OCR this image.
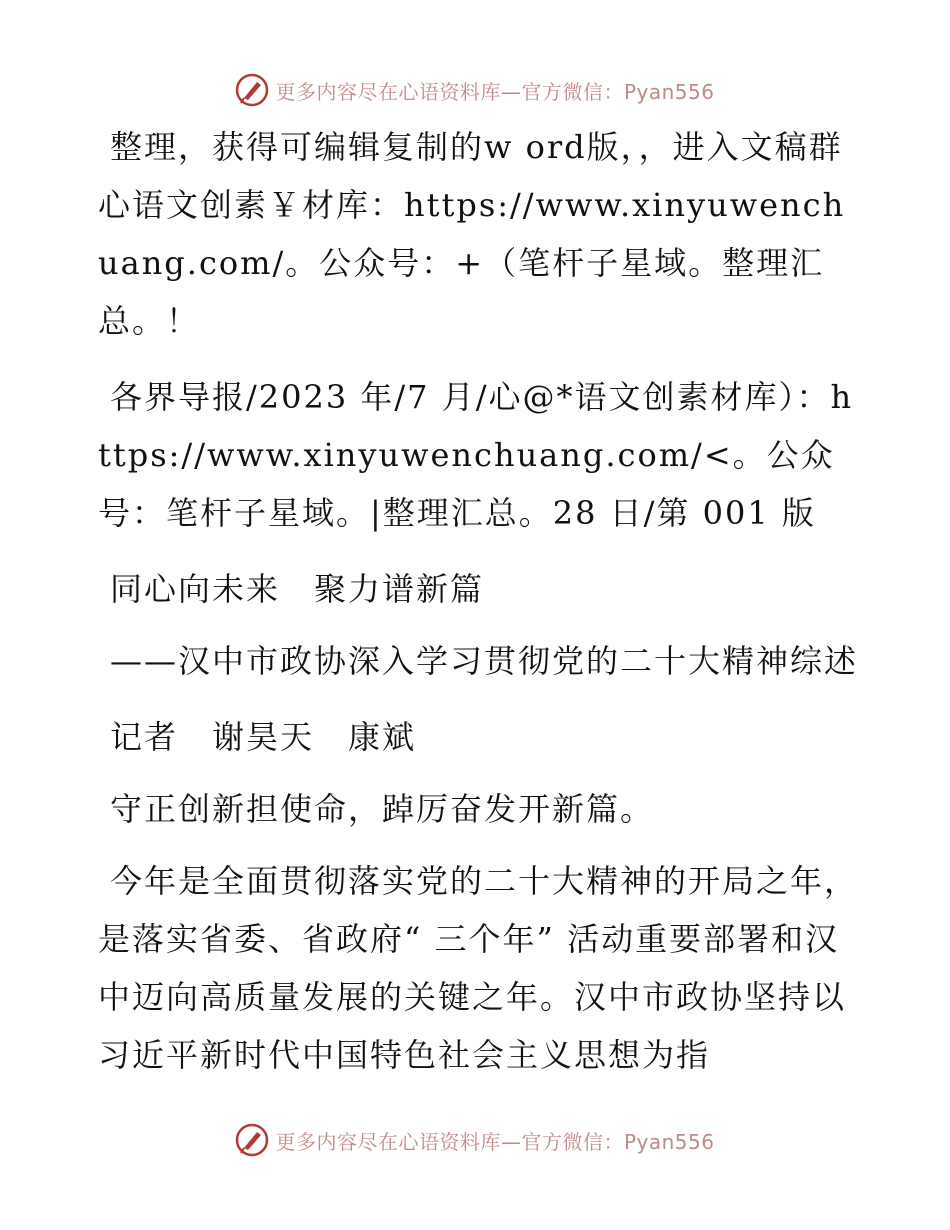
更多内容尽在心语资料库—官方微信：Pyan556

整理，获得可编辑复制的w ord版，，进入文稿群心语文创素￥材库：https://www.xinyuwenchuang.com/。公众号：+（笔杆子星域。整理汇总。！

各界导报/2023 年/7 月/心@*语文创素材库）：https://www.xinyuwenchuang.com/<。公众号：笔杆子星域。|整理汇总。28 日/第 001 版

同心向未来　聚力谱新篇

——汉中市政协深入学习贯彻党的二十大精神综述

记者　谢昊天　康斌

守正创新担使命，踔厉奋发开新篇。

今年是全面贯彻落实党的二十大精神的开局之年，是落实省委、省政府“ 三个年” 活动重要部署和汉中迈向高质量发展的关键之年。汉中市政协坚持以习近平新时代中国特色社会主义思想为指

更多内容尽在心语资料库—官方微信：Pyan556
